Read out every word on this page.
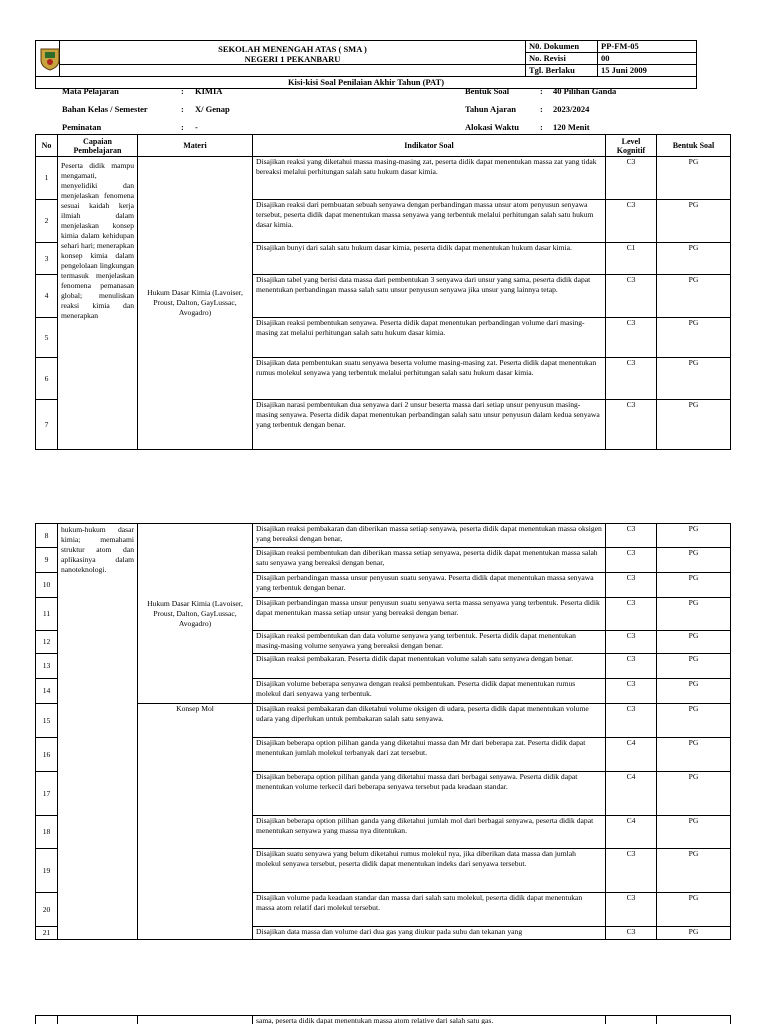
SEKOLAH MENENGAH ATAS ( SMA )
NEGERI 1 PEKANBARU	N0. Dokumen	PP-FM-05
		No. Revisi	00
		Tgl. Berlaku	15 Juni 2009
Kisi-kisi Soal Penilaian Akhir Tahun (PAT)			
Mata Pelajaran	: KIMIA
Bahan Kelas / Semester	: X/ Genap
Peminatan	: -
Bentuk Soal	: 40 Pilihan Ganda
Tahun Ajaran	: 2023/2024
Alokasi Waktu : 120 Menit
No	Capaian Pembelajaran	Materi	Indikator Soal	Level Kognitif	Bentuk Soal
1	Peserta didik mampu mengamati, menyelidiki dan menjelaskan fenomena sesuai kaidah kerja ilmiah dalam menjelaskan konsep kimia dalam kehidupan sehari hari; menerapkan konsep kimia dalam pengelolaan lingkungan termasuk menjelaskan fenomena pemanasan global; menuliskan reaksi kimia dan menerapkan	Hukum Dasar Kimia (Lavoiser, Proust, Dalton, GayLussac, Avogadro)	Disajikan reaksi yang diketahui massa masing-masing zat, peserta didik dapat menentukan massa zat yang tidak bereaksi melalui perhitungan salah satu hukum dasar kimia.	C3	PG
2			Disajikan reaksi dari pembuatan sebuah senyawa dengan perbandingan massa unsur atom penyusun senyawa tersebut, peserta didik dapat menentukan massa senyawa yang terbentuk melalui perhitungan salah satu hukum dasar kimia.	C3	PG
3			Disajikan bunyi dari salah satu hukum dasar kimia, peserta didik dapat menentukan hukum dasar kimia.	C1	PG
4			Disajikan tabel yang berisi data massa dari pembentukan 3 senyawa dari unsur yang sama, peserta didik dapat menentukan perbandingan massa salah satu unsur penyusun senyawa jika unsur yang lainnya tetap.	C3	PG
5			Disajikan reaksi pembentukan senyawa. Peserta didik dapat menentukan perbandingan volume dari masing-masing zat melalui perhitungan salah satu hukum dasar kimia.	C3	PG
6			Disajikan data pembentukan suatu senyawa beserta volume masing-masing zat. Peserta didik dapat menentukan rumus molekul senyawa yang terbentuk melalui perhitungan salah satu hukum dasar kimia.	C3	PG
7			Disajikan narasi pembentukan dua senyawa dari 2 unsur beserta massa dari setiap unsur penyusun masing-masing senyawa. Peserta didik dapat menentukan perbandingan salah satu unsur penyusun dalam kedua senyawa yang terbentuk dengan benar.	C3	PG
8	hukum-hukum dasar kimia; memahami struktur atom dan aplikasinya dalam nanoteknologi.	Hukum Dasar Kimia (Lavoiser, Proust, Dalton, GayLussac, Avogadro)	Disajikan reaksi pembakaran dan diberikan massa setiap senyawa, peserta didik dapat menentukan massa oksigen yang bereaksi dengan benar,	C3	PG
9			Disajikan reaksi pembentukan dan diberikan massa setiap senyawa, peserta didik dapat menentukan massa salah satu senyawa yang bereaksi dengan benar,	C3	PG
10			Disajikan perbandingan massa unsur penyusun suatu senyawa. Peserta didik dapat menentukan massa senyawa yang terbentuk dengan benar.	C3	PG
11			Disajikan perbandingan massa unsur penyusun suatu senyawa serta massa senyawa yang terbentuk. Peserta didik dapat menentukan massa setiap unsur yang bereaksi dengan benar.	C3	PG
12			Disajikan reaksi pembentukan dan data volume senyawa yang terbentuk. Peserta didik dapat menentukan masing-masing volume senyawa yang bereaksi dengan benar.	C3	PG
13			Disajikan reaksi pembakaran. Peserta didik dapat menentukan volume salah satu senyawa dengan benar.	C3	PG
14			Disajikan volume beberapa senyawa dengan reaksi pembentukan. Peserta didik dapat menentukan rumus molekul dari senyawa yang terbentuk.	C3	PG
15		Konsep Mol	Disajikan reaksi pembakaran dan diketahui volume oksigen di udara, peserta didik dapat menentukan volume udara yang diperlukan untuk pembakaran salah satu senyawa.	C3	PG
16			Disajikan beberapa option pilihan ganda yang diketahui massa dan Mr dari beberapa zat. Peserta didik dapat menentukan jumlah molekul terbanyak dari zat tersebut.	C4	PG
17			Disajikan beberapa option pilihan ganda yang diketahui massa dari berbagai senyawa. Peserta didik dapat menentukan volume terkecil dari beberapa senyawa tersebut pada keadaan standar.	C4	PG
18			Disajikan beberapa option pilihan ganda yang diketahui jumlah mol dari berbagai senyawa, peserta didik dapat menentukan senyawa yang massa nya ditentukan.	C4	PG
19			Disajikan suatu senyawa yang belum diketahui rumus molekul nya, jika diberikan data massa dan jumlah molekul senyawa tersebut, peserta didik dapat menentukan indeks dari senyawa tersebut.	C3	PG
20			Disajikan volume pada keadaan standar dan massa dari salah satu molekul, peserta didik dapat menentukan massa atom relatif dari molekul tersebut.	C3	PG
21			Disajikan data massa dan volume dari dua gas yang diukur pada suhu dan tekanan yang	C3	PG
			sama, peserta didik dapat menentukan massa atom relative dari salah satu gas.		
